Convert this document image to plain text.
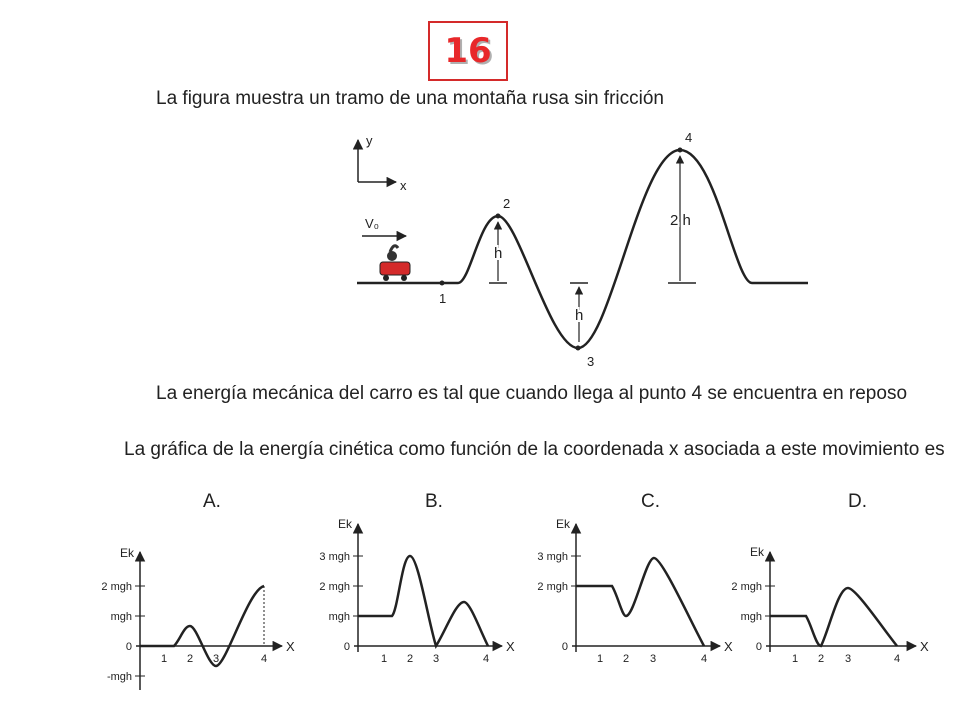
16
La figura muestra un tramo de una montaña rusa sin fricción
La energía mecánica del carro es tal que cuando llega al punto 4 se encuentra en reposo
La gráfica de la energía cinética como función de la coordenada x asociada a este movimiento es
y
x
V₀
1
2
3
4
h
h
2 h
A.	B.	C.	D.
Ek
X
2 mgh
mgh
0
-mgh
1 2 3	4
Ek
X
3 mgh
2 mgh
mgh
0
1 2 3	4
Ek
X
3 mgh
2 mgh
0
1 2 3	4
Ek
X
2 mgh
mgh
0
1 2 3	4
